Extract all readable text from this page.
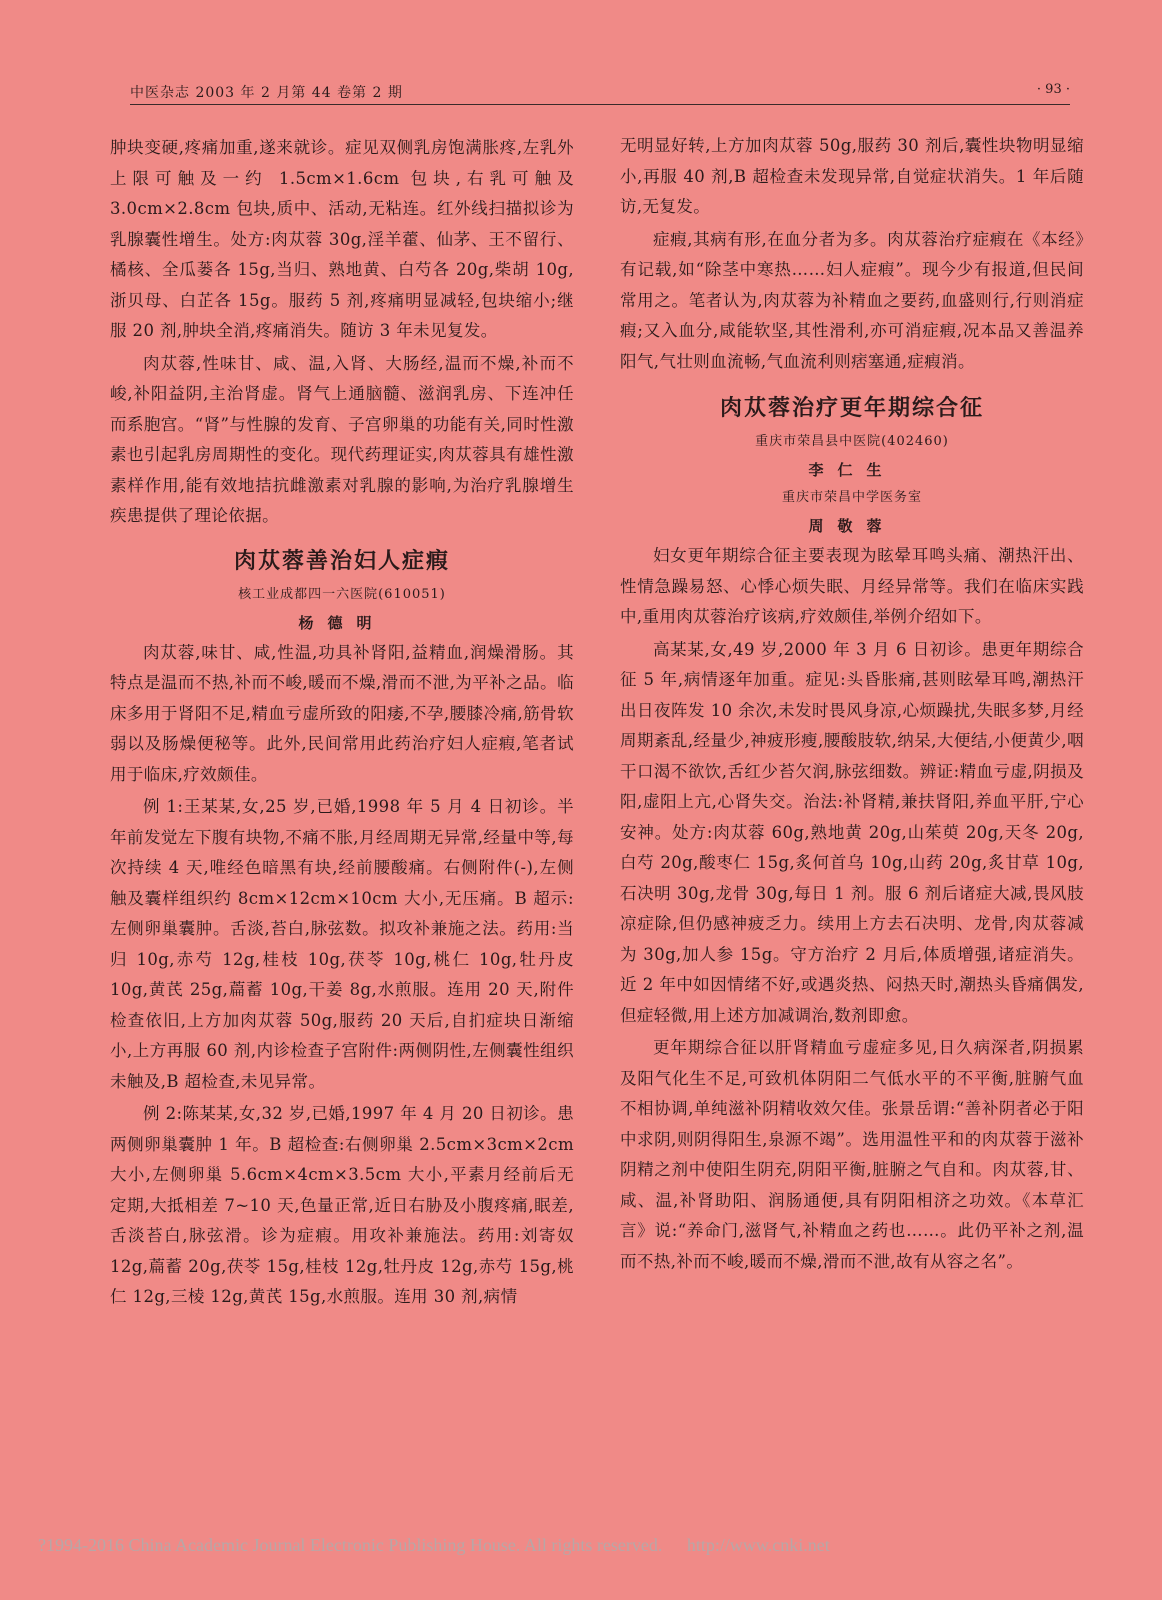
中医杂志 2003 年 2 月第 44 卷第 2 期	· 93 ·

肿块变硬,疼痛加重,遂来就诊。症见双侧乳房饱满胀疼,左乳外上限可触及一约 1.5cm×1.6cm 包块,右乳可触及 3.0cm×2.8cm 包块,质中、活动,无粘连。红外线扫描拟诊为乳腺囊性增生。处方:肉苁蓉 30g,淫羊藿、仙茅、王不留行、橘核、全瓜蒌各 15g,当归、熟地黄、白芍各 20g,柴胡 10g,浙贝母、白芷各 15g。服药 5 剂,疼痛明显减轻,包块缩小;继服 20 剂,肿块全消,疼痛消失。随访 3 年未见复发。

肉苁蓉,性味甘、咸、温,入肾、大肠经,温而不燥,补而不峻,补阳益阴,主治肾虚。肾气上通脑髓、滋润乳房、下连冲任而系胞宫。“肾”与性腺的发育、子宫卵巢的功能有关,同时性激素也引起乳房周期性的变化。现代药理证实,肉苁蓉具有雄性激素样作用,能有效地拮抗雌激素对乳腺的影响,为治疗乳腺增生疾患提供了理论依据。

肉苁蓉善治妇人症瘕
核工业成都四一六医院(610051)
杨德明

肉苁蓉,味甘、咸,性温,功具补肾阳,益精血,润燥滑肠。其特点是温而不热,补而不峻,暖而不燥,滑而不泄,为平补之品。临床多用于肾阳不足,精血亏虚所致的阳痿,不孕,腰膝冷痛,筋骨软弱以及肠燥便秘等。此外,民间常用此药治疗妇人症瘕,笔者试用于临床,疗效颇佳。

例 1:王某某,女,25 岁,已婚,1998 年 5 月 4 日初诊。半年前发觉左下腹有块物,不痛不胀,月经周期无异常,经量中等,每次持续 4 天,唯经色暗黑有块,经前腰酸痛。右侧附件(-),左侧触及囊样组织约 8cm×12cm×10cm 大小,无压痛。B 超示:左侧卵巢囊肿。舌淡,苔白,脉弦数。拟攻补兼施之法。药用:当归 10g,赤芍 12g,桂枝 10g,茯苓 10g,桃仁 10g,牡丹皮 10g,黄芪 25g,萹蓄 10g,干姜 8g,水煎服。连用 20 天,附件检查依旧,上方加肉苁蓉 50g,服药 20 天后,自扪症块日渐缩小,上方再服 60 剂,内诊检查子宫附件:两侧阴性,左侧囊性组织未触及,B 超检查,未见异常。

例 2:陈某某,女,32 岁,已婚,1997 年 4 月 20 日初诊。患两侧卵巢囊肿 1 年。B 超检查:右侧卵巢 2.5cm×3cm×2cm 大小,左侧卵巢 5.6cm×4cm×3.5cm 大小,平素月经前后无定期,大抵相差 7~10 天,色量正常,近日右胁及小腹疼痛,眠差,舌淡苔白,脉弦滑。诊为症瘕。用攻补兼施法。药用:刘寄奴 12g,萹蓄 20g,茯苓 15g,桂枝 12g,牡丹皮 12g,赤芍 15g,桃仁 12g,三棱 12g,黄芪 15g,水煎服。连用 30 剂,病情

无明显好转,上方加肉苁蓉 50g,服药 30 剂后,囊性块物明显缩小,再服 40 剂,B 超检查未发现异常,自觉症状消失。1 年后随访,无复发。

症瘕,其病有形,在血分者为多。肉苁蓉治疗症瘕在《本经》有记载,如“除茎中寒热……妇人症瘕”。现今少有报道,但民间常用之。笔者认为,肉苁蓉为补精血之要药,血盛则行,行则消症瘕;又入血分,咸能软坚,其性滑利,亦可消症瘕,况本品又善温养阳气,气壮则血流畅,气血流利则痞塞通,症瘕消。

肉苁蓉治疗更年期综合征
重庆市荣昌县中医院(402460)
李仁生
重庆市荣昌中学医务室
周敬蓉

妇女更年期综合征主要表现为眩晕耳鸣头痛、潮热汗出、性情急躁易怒、心悸心烦失眠、月经异常等。我们在临床实践中,重用肉苁蓉治疗该病,疗效颇佳,举例介绍如下。

高某某,女,49 岁,2000 年 3 月 6 日初诊。患更年期综合征 5 年,病情逐年加重。症见:头昏胀痛,甚则眩晕耳鸣,潮热汗出日夜阵发 10 余次,未发时畏风身凉,心烦躁扰,失眠多梦,月经周期紊乱,经量少,神疲形瘦,腰酸肢软,纳呆,大便结,小便黄少,咽干口渴不欲饮,舌红少苔欠润,脉弦细数。辨证:精血亏虚,阴损及阳,虚阳上亢,心肾失交。治法:补肾精,兼扶肾阳,养血平肝,宁心安神。处方:肉苁蓉 60g,熟地黄 20g,山茱萸 20g,天冬 20g,白芍 20g,酸枣仁 15g,炙何首乌 10g,山药 20g,炙甘草 10g,石决明 30g,龙骨 30g,每日 1 剂。服 6 剂后诸症大减,畏风肢凉症除,但仍感神疲乏力。续用上方去石决明、龙骨,肉苁蓉减为 30g,加人参 15g。守方治疗 2 月后,体质增强,诸症消失。近 2 年中如因情绪不好,或遇炎热、闷热天时,潮热头昏痛偶发,但症轻微,用上述方加减调治,数剂即愈。

更年期综合征以肝肾精血亏虚症多见,日久病深者,阴损累及阳气化生不足,可致机体阴阳二气低水平的不平衡,脏腑气血不相协调,单纯滋补阴精收效欠佳。张景岳谓:“善补阴者必于阳中求阴,则阴得阳生,泉源不竭”。选用温性平和的肉苁蓉于滋补阴精之剂中使阳生阴充,阴阳平衡,脏腑之气自和。肉苁蓉,甘、咸、温,补肾助阳、润肠通便,具有阴阳相济之功效。《本草汇言》说:“养命门,滋肾气,补精血之药也……。此仍平补之剂,温而不热,补而不峻,暖而不燥,滑而不泄,故有从容之名”。

?1994-2016 China Academic Journal Electronic Publishing House. All rights reserved. http://www.cnki.net
